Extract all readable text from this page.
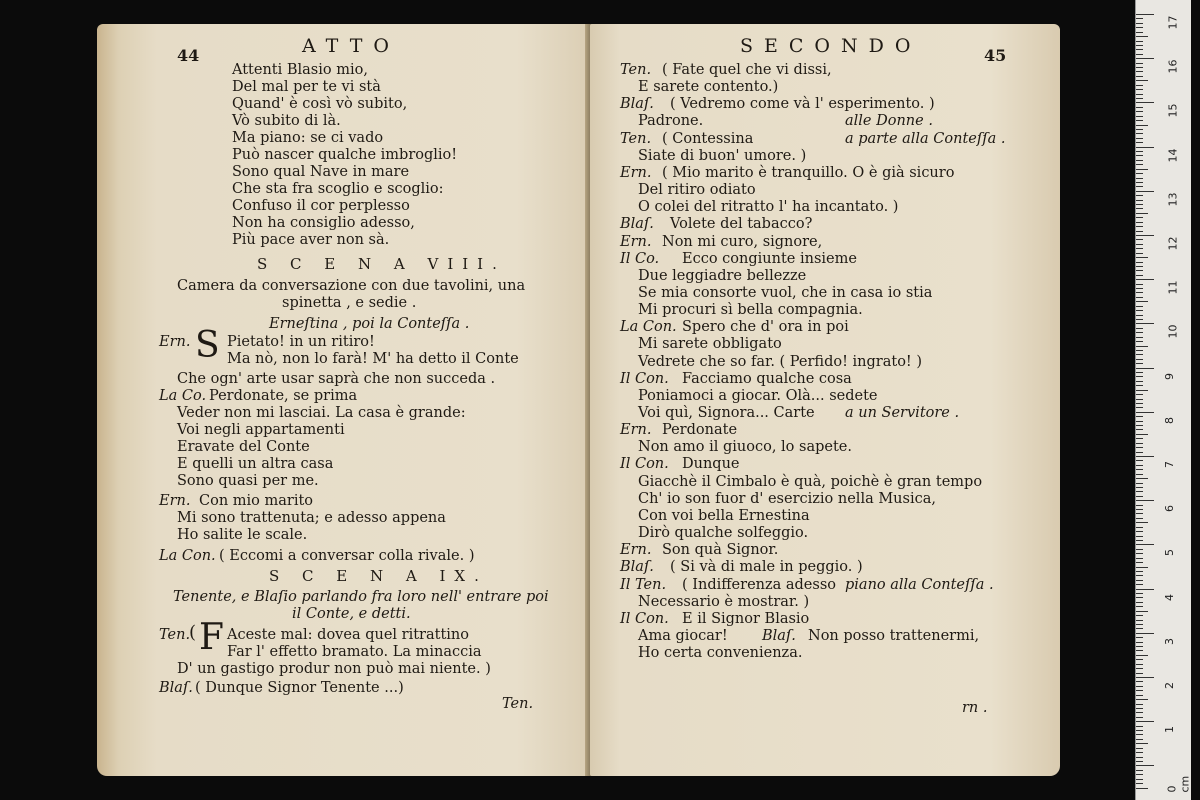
44	ATTO
Attenti Blasio mio,
Del mal per te vi stà
Quand' è così vò subito,
Vò subito di là.
Ma piano: se ci vado
Può nascer qualche imbroglio!
Sono qual Nave in mare
Che sta fra scoglio e scoglio:
Confuso il cor perplesso
Non ha consiglio adesso,
Più pace aver non sà.
S C E N A VIII.
Camera da conversazione con due tavolini, una
spinetta , e sedie .
Erneſtina , poi la Conteſſa .
Ern. S Pietato! in un ritiro!
Ma nò, non lo farà! M' ha detto il Conte
Che ogn' arte usar saprà che non succeda .
La Co. Perdonate, se prima
Veder non mi lasciai. La casa è grande:
Voi negli appartamenti
Eravate del Conte
E quelli un altra casa
Sono quasi per me.
Ern. Con mio marito
Mi sono trattenuta; e adesso appena
Ho salite le scale.
La Con. ( Eccomi a conversar colla rivale. )
S C E N A IX.
Tenente, e Blaſio parlando fra loro nell' entrare poi
il Conte, e detti.
Ten.
( F Aceste mal: dovea quel ritrattino
Far l' effetto bramato. La minaccia
D' un gastigo produr non può mai niente. )
Blaſ. ( Dunque Signor Tenente ...)
Ten.
SECONDO	45
Ten. ( Fate quel che vi dissi,
E sarete contento.)
Blaſ. ( Vedremo come và l' esperimento. )
Padrone.	alle Donne .
Ten. ( Contessina	a parte alla Conteſſa .
Siate di buon' umore. )
Ern. ( Mio marito è tranquillo. O è già sicuro
Del ritiro odiato
O colei del ritratto l' ha incantato. )
Blaſ. Volete del tabacco?
Ern. Non mi curo, signore,
Il Co. Ecco congiunte insieme
Due leggiadre bellezze
Se mia consorte vuol, che in casa io stia
Mi procuri sì bella compagnia.
La Con. Spero che d' ora in poi
Mi sarete obbligato
Vedrete che so far. ( Perfido! ingrato! )
Il Con. Facciamo qualche cosa
Poniamoci a giocar. Olà... sedete
Voi quì, Signora... Carte a un Servitore .
Ern. Perdonate
Non amo il giuoco, lo sapete.
Il Con. Dunque
Giacchè il Cimbalo è quà, poichè è gran tempo
Ch' io son fuor d' esercizio nella Musica,
Con voi bella Ernestina
Dirò qualche solfeggio.
Ern. Son quà Signor.
Blaſ. ( Si và di male in peggio. )
Il Ten. ( Indifferenza adesso piano alla Conteſſa .
Necessario è mostrar. )
Il Con. E il Signor Blasio
Ama giocar! Blaſ. Non posso trattenermi,
Ho certa convenienza.
rn .
17
16
15
14
13
12
11
10
9
8
7
6
5
4
3
2
1
0 cm
